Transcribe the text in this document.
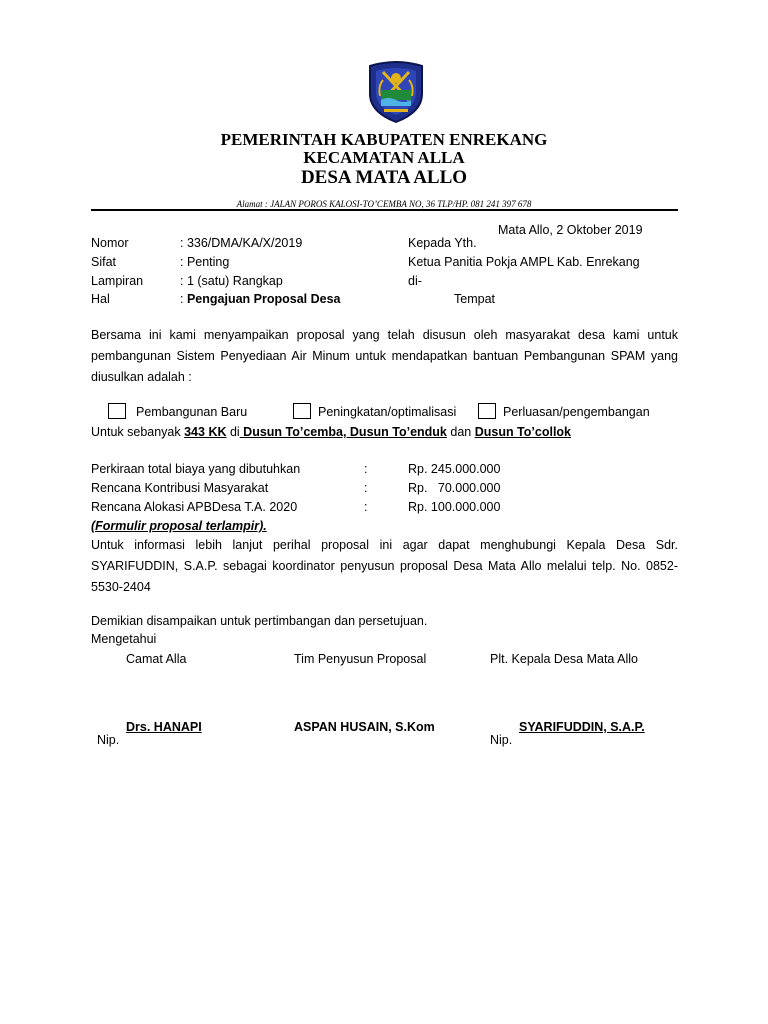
PEMERINTAH KABUPATEN ENREKANG
KECAMATAN ALLA
DESA MATA ALLO
Alamat : JALAN POROS KALOSI-TO’CEMBA NO, 36 TLP/HP. 081 241 397 678
Mata Allo, 2 Oktober 2019
Nomor	: 336/DMA/KA/X/2019
Sifat	: Penting
Lampiran	: 1 (satu) Rangkap
Hal	: Pengajuan Proposal Desa
Kepada Yth.
Ketua Panitia Pokja AMPL Kab. Enrekang
di-
Tempat
Bersama ini kami menyampaikan proposal yang telah disusun oleh masyarakat desa kami untuk pembangunan Sistem Penyediaan Air Minum untuk mendapatkan bantuan Pembangunan SPAM yang diusulkan adalah :
Pembangunan Baru	Peningkatan/optimalisasi	Perluasan/pengembangan
Untuk sebanyak 343 KK di Dusun To’cemba, Dusun To’enduk dan Dusun To’collok
Perkiraan total biaya yang dibutuhkan	:	Rp. 245.000.000
Rencana Kontribusi Masyarakat	:	Rp.   70.000.000
Rencana Alokasi APBDesa T.A. 2020	:	Rp. 100.000.000
(Formulir proposal terlampir).
Untuk informasi lebih lanjut perihal proposal ini agar dapat menghubungi Kepala Desa Sdr. SYARIFUDDIN, S.A.P. sebagai koordinator penyusun proposal Desa Mata Allo melalui telp. No. 0852-5530-2404
Demikian disampaikan untuk pertimbangan dan persetujuan.
Mengetahui
Camat Alla	Tim Penyusun Proposal	Plt. Kepala Desa Mata Allo
Drs. HANAPI	ASPAN HUSAIN, S.Kom	SYARIFUDDIN, S.A.P.
Nip.	Nip.
